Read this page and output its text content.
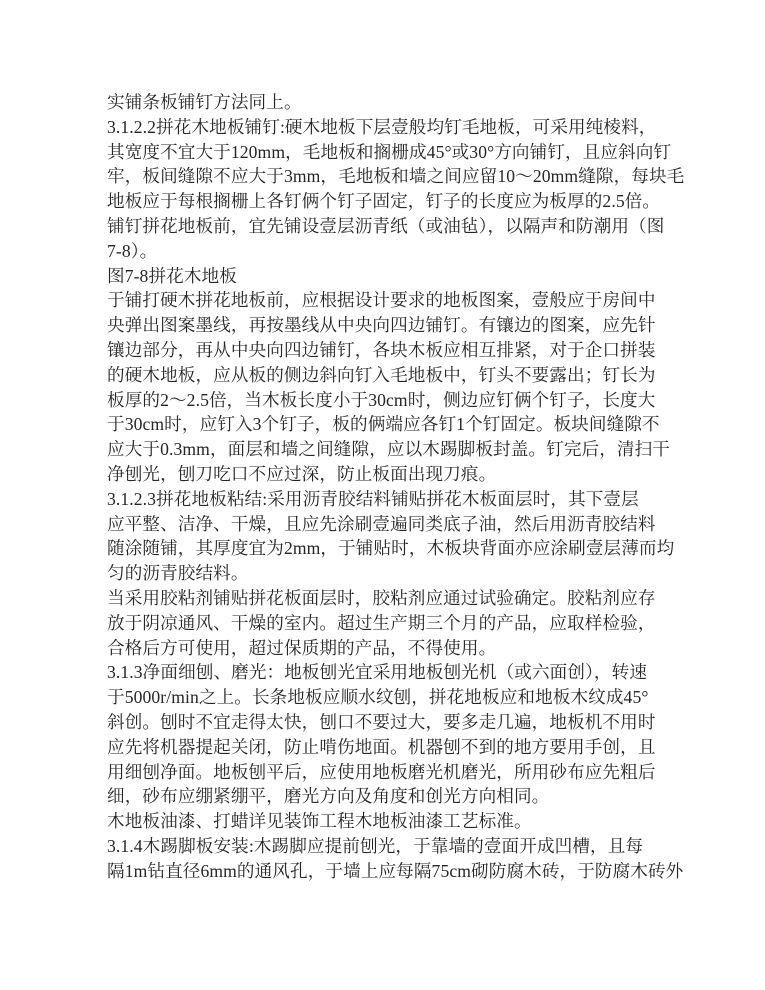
实铺条板铺钉方法同上。
3.1.2.2拼花木地板铺钉:硬木地板下层壹般均钉毛地板，可采用纯棱料，
其宽度不宜大于120mm，毛地板和搁栅成45°或30°方向铺钉，且应斜向钉
牢，板间缝隙不应大于3mm，毛地板和墙之间应留10～20mm缝隙，每块毛
地板应于每根搁栅上各钉俩个钉子固定，钉子的长度应为板厚的2.5倍。
铺钉拼花地板前，宜先铺设壹层沥青纸（或油毡），以隔声和防潮用（图
7-8）。
图7-8拼花木地板
于铺打硬木拼花地板前，应根据设计要求的地板图案，壹般应于房间中
央弹出图案墨线，再按墨线从中央向四边铺钉。有镶边的图案，应先针
镶边部分，再从中央向四边铺钉，各块木板应相互排紧，对于企口拼装
的硬木地板，应从板的侧边斜向钉入毛地板中，钉头不要露出；钉长为
板厚的2～2.5倍，当木板长度小于30cm时，侧边应钉俩个钉子，长度大
于30cm时，应钉入3个钉子，板的俩端应各钉1个钉固定。板块间缝隙不
应大于0.3mm，面层和墙之间缝隙，应以木踢脚板封盖。钉完后，清扫干
净刨光，刨刀吃口不应过深，防止板面出现刀痕。
3.1.2.3拼花地板粘结:采用沥青胶结料铺贴拼花木板面层时，其下壹层
应平整、洁净、干燥，且应先涂刷壹遍同类底子油，然后用沥青胶结料
随涂随铺，其厚度宜为2mm，于铺贴时，木板块背面亦应涂刷壹层薄而均
匀的沥青胶结料。
当采用胶粘剂铺贴拼花板面层时，胶粘剂应通过试验确定。胶粘剂应存
放于阴凉通风、干燥的室内。超过生产期三个月的产品，应取样检验，
合格后方可使用，超过保质期的产品，不得使用。
3.1.3净面细刨、磨光：地板刨光宜采用地板刨光机（或六面创），转速
于5000r/min之上。长条地板应顺水纹刨，拼花地板应和地板木纹成45°
斜创。刨时不宜走得太快，刨口不要过大，要多走几遍，地板机不用时
应先将机器提起关闭，防止啃伤地面。机器刨不到的地方要用手创，且
用细刨净面。地板刨平后，应使用地板磨光机磨光，所用砂布应先粗后
细，砂布应绷紧绷平，磨光方向及角度和创光方向相同。
木地板油漆、打蜡详见装饰工程木地板油漆工艺标准。
3.1.4木踢脚板安装:木踢脚应提前刨光，于靠墙的壹面开成凹槽，且每
隔1m钻直径6mm的通风孔，于墙上应每隔75cm砌防腐木砖，于防腐木砖外
